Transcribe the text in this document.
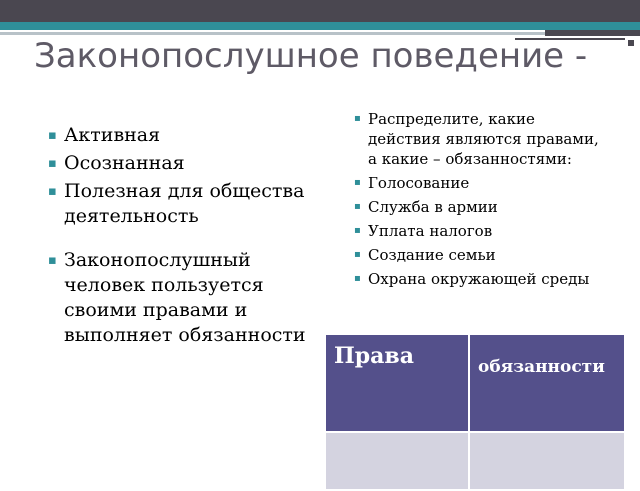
Законопослушное поведение -
▪ Активная
▪ Осознанная
▪ Полезная для общества деятельность
▪ Законопослушный человек пользуется своими правами и выполняет обязанности
▪ Распределите, какие действия являются правами, а какие – обязанностями:
▪ Голосование
▪ Служба в армии
▪ Уплата налогов
▪ Создание семьи
▪ Охрана окружающей среды
Права	обязанности
